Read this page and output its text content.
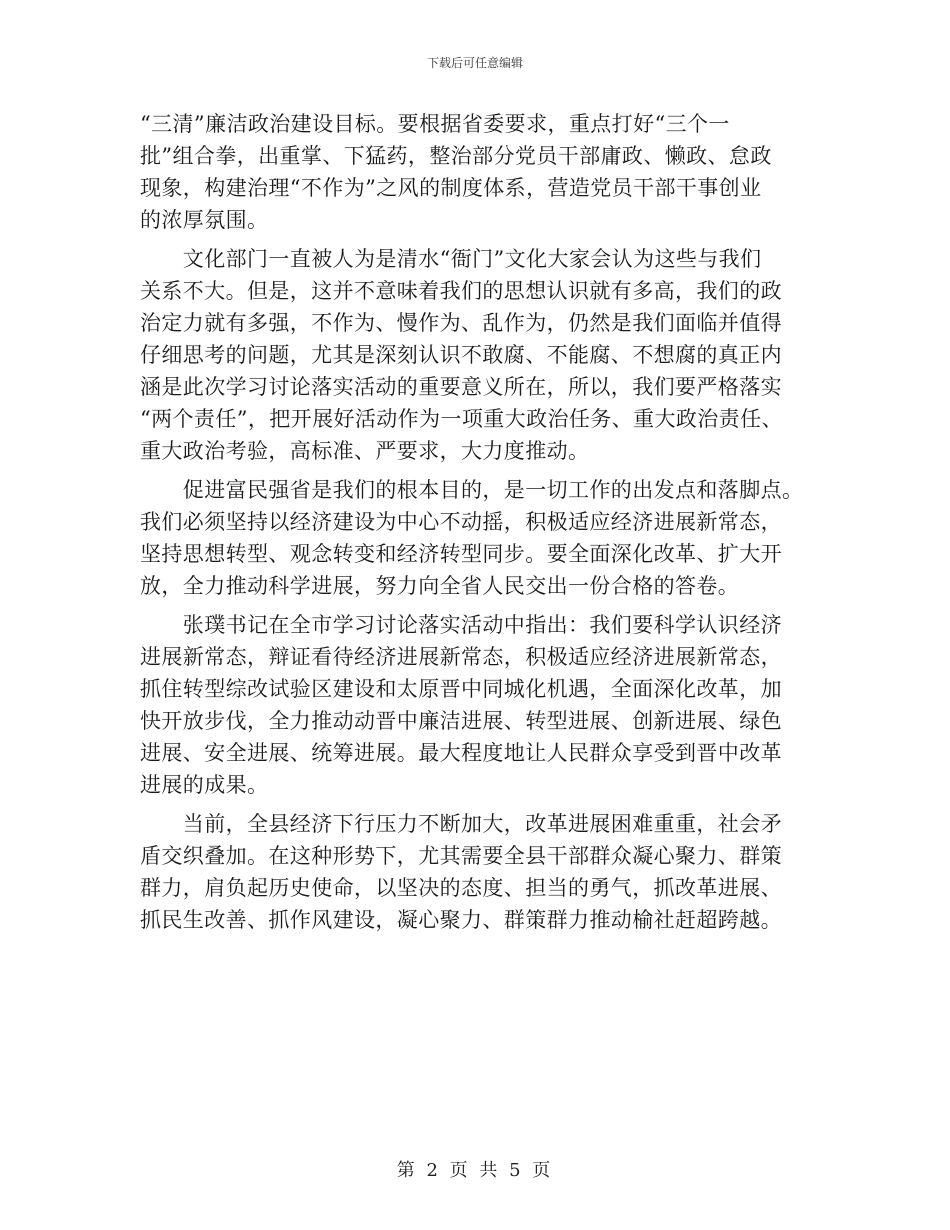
下载后可任意编辑
“三清”廉洁政治建设目标。要根据省委要求，重点打好“三个一
批”组合拳，出重掌、下猛药，整治部分党员干部庸政、懒政、怠政
现象，构建治理“不作为”之风的制度体系，营造党员干部干事创业
的浓厚氛围。
　　文化部门一直被人为是清水“衙门”文化大家会认为这些与我们
关系不大。但是，这并不意味着我们的思想认识就有多高，我们的政
治定力就有多强，不作为、慢作为、乱作为，仍然是我们面临并值得
仔细思考的问题，尤其是深刻认识不敢腐、不能腐、不想腐的真正内
涵是此次学习讨论落实活动的重要意义所在，所以，我们要严格落实
“两个责任”，把开展好活动作为一项重大政治任务、重大政治责任、
重大政治考验，高标准、严要求，大力度推动。
　　促进富民强省是我们的根本目的，是一切工作的出发点和落脚点。
我们必须坚持以经济建设为中心不动摇，积极适应经济进展新常态，
坚持思想转型、观念转变和经济转型同步。要全面深化改革、扩大开
放，全力推动科学进展，努力向全省人民交出一份合格的答卷。
　　张璞书记在全市学习讨论落实活动中指出：我们要科学认识经济
进展新常态，辩证看待经济进展新常态，积极适应经济进展新常态，
抓住转型综改试验区建设和太原晋中同城化机遇，全面深化改革，加
快开放步伐，全力推动动晋中廉洁进展、转型进展、创新进展、绿色
进展、安全进展、统筹进展。最大程度地让人民群众享受到晋中改革
进展的成果。
　　当前，全县经济下行压力不断加大，改革进展困难重重，社会矛
盾交织叠加。在这种形势下，尤其需要全县干部群众凝心聚力、群策
群力，肩负起历史使命，以坚决的态度、担当的勇气，抓改革进展、
抓民生改善、抓作风建设，凝心聚力、群策群力推动榆社赶超跨越。
第 2 页 共 5 页
